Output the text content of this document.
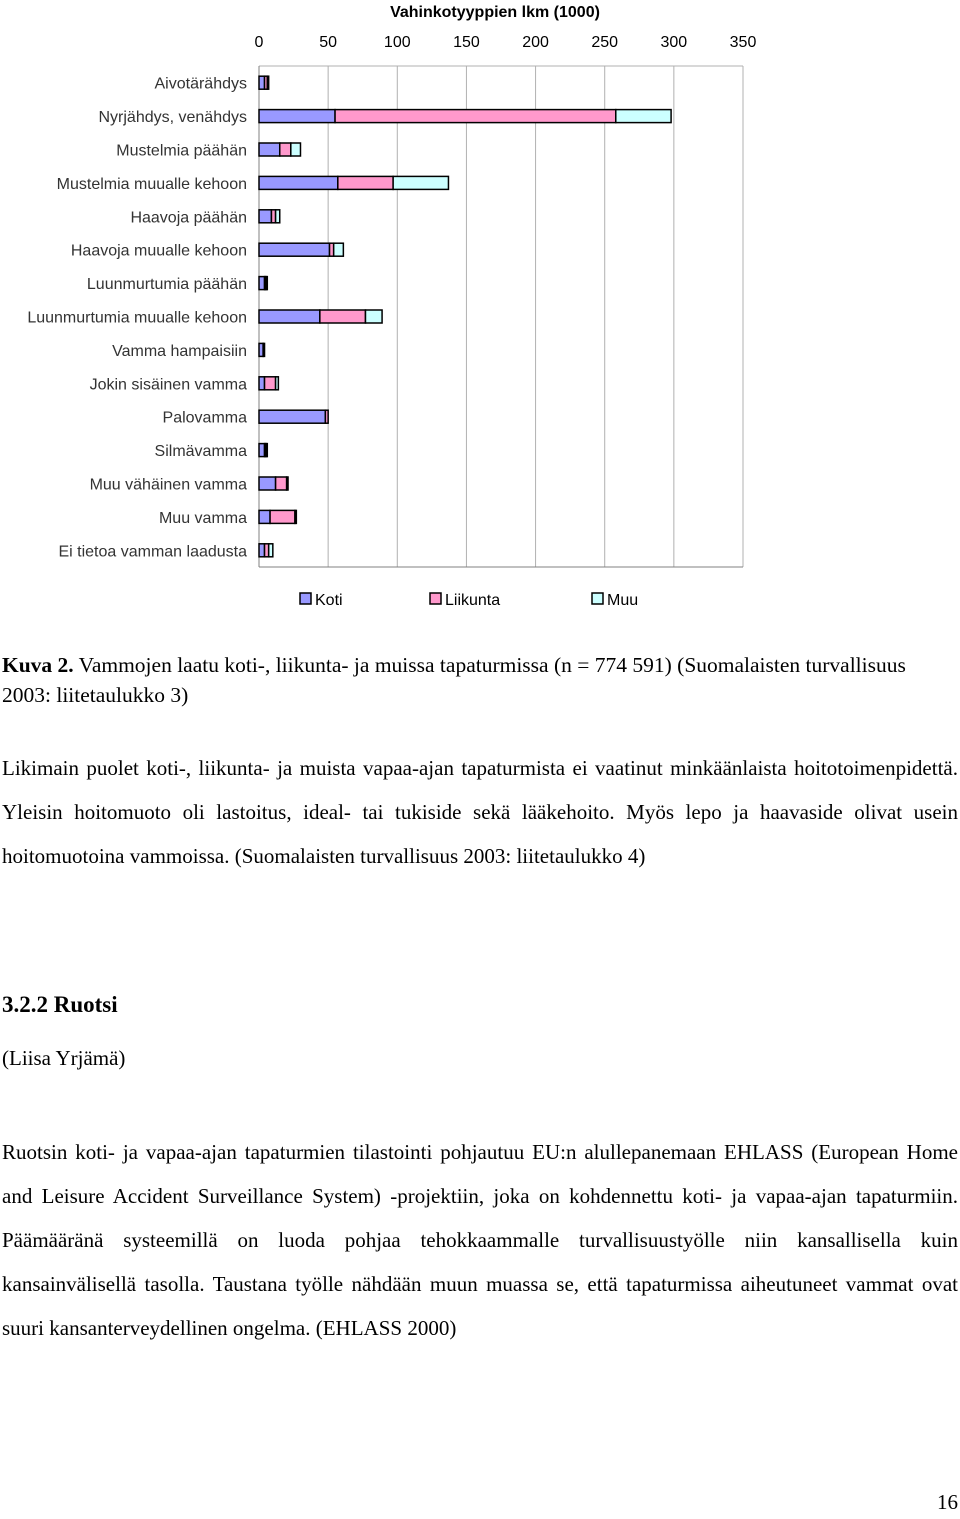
Vahinkotyyppien lkm (1000)
0	50	100	150	200	250	300	350
Aivotärähdys
Nyrjähdys, venähdys
Mustelmia päähän
Mustelmia muualle kehoon
Haavoja päähän
Haavoja muualle kehoon
Luunmurtumia päähän
Luunmurtumia muualle kehoon
Vamma hampaisiin
Jokin sisäinen vamma
Palovamma
Silmävamma
Muu vähäinen vamma
Muu vamma
Ei tietoa vamman laadusta
Koti	Liikunta	Muu
Kuva 2. Vammojen laatu koti-, liikunta- ja muissa tapaturmissa (n = 774 591) (Suomalaisten turvallisuus 2003: liitetaulukko 3)
Likimain puolet koti-, liikunta- ja muista vapaa-ajan tapaturmista ei vaatinut minkäänlaista hoitotoimenpidettä. Yleisin hoitomuoto oli lastoitus, ideal- tai tukiside sekä lääkehoito. Myös lepo ja haavaside olivat usein hoitomuotoina vammoissa. (Suomalaisten turvallisuus 2003: liitetaulukko 4)
3.2.2 Ruotsi
(Liisa Yrjämä)
Ruotsin koti- ja vapaa-ajan tapaturmien tilastointi pohjautuu EU:n alullepanemaan EHLASS (European Home and Leisure Accident Surveillance System) -projektiin, joka on kohdennettu koti- ja vapaa-ajan tapaturmiin. Päämääränä systeemillä on luoda pohjaa tehokkaammalle turvallisuustyölle niin kansallisella kuin kansainvälisellä tasolla. Taustana työlle nähdään muun muassa se, että tapaturmissa aiheutuneet vammat ovat suuri kansanterveydellinen ongelma. (EHLASS 2000)
16
